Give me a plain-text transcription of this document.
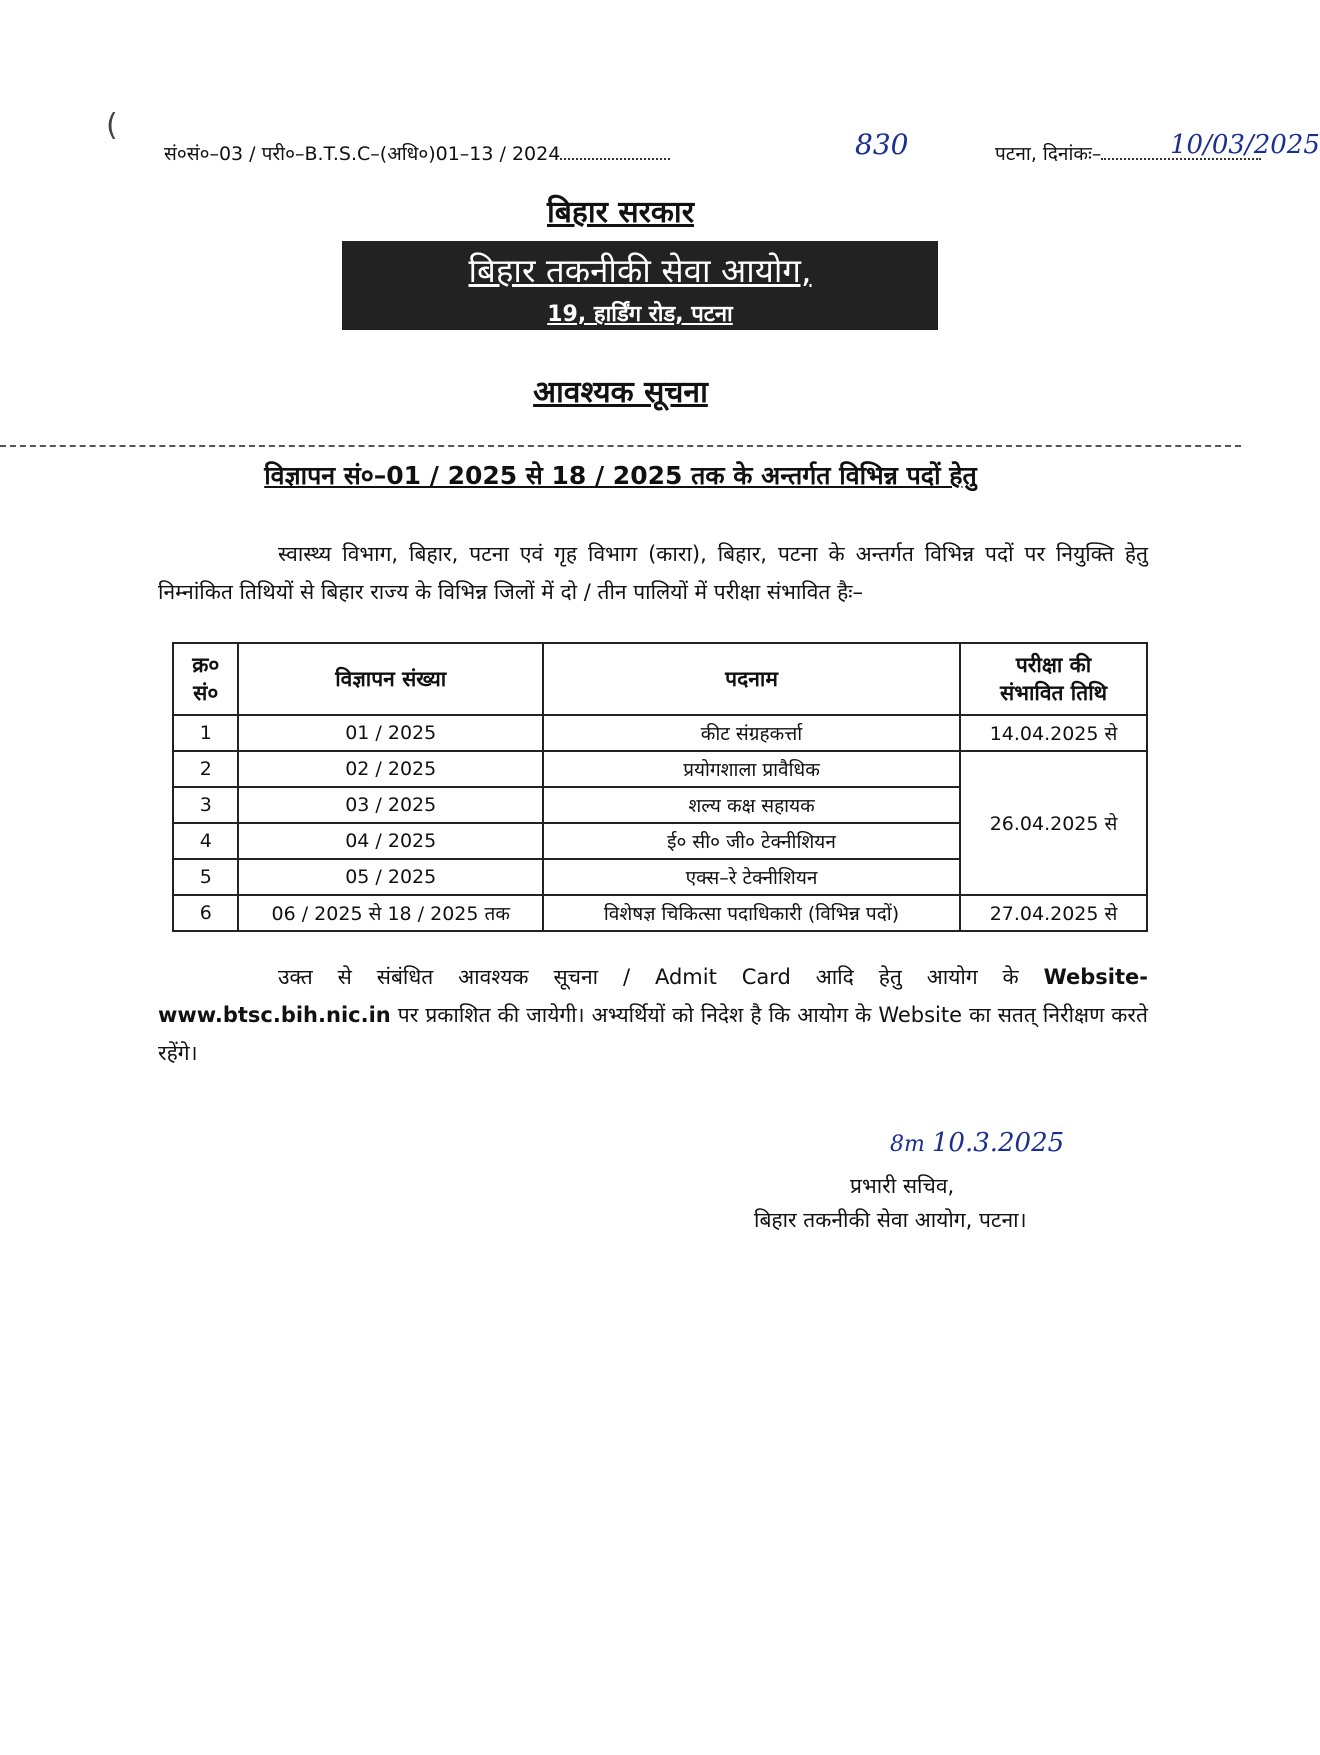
(
सं०सं०–03 / परी०–B.T.S.C–(अधि०)01–13 / 2024	830	पटना, दिनांकः–	10/03/2025
बिहार सरकार
बिहार तकनीकी सेवा आयोग,
19, हार्डिंग रोड, पटना
आवश्यक सूचना
विज्ञापन सं०–01 / 2025 से 18 / 2025 तक के अन्तर्गत विभिन्न पदों हेतु
स्वास्थ्य विभाग, बिहार, पटना एवं गृह विभाग (कारा), बिहार, पटना के अन्तर्गत विभिन्न पदों पर नियुक्ति हेतु निम्नांकित तिथियों से बिहार राज्य के विभिन्न जिलों में दो / तीन पालियों में परीक्षा संभावित हैः–
क्र०
सं०	विज्ञापन संख्या	पदनाम	परीक्षा की
संभावित तिथि
1	01 / 2025	कीट संग्रहकर्त्ता	14.04.2025 से
2	02 / 2025	प्रयोगशाला प्रावैधिक	26.04.2025 से
3	03 / 2025	शल्य कक्ष सहायक	
4	04 / 2025	ई० सी० जी० टेक्नीशियन	
5	05 / 2025	एक्स–रे टेक्नीशियन	
6	06 / 2025 से 18 / 2025 तक	विशेषज्ञ चिकित्सा पदाधिकारी (विभिन्न पदों)	27.04.2025 से
उक्त से संबंधित आवश्यक सूचना / Admit Card आदि हेतु आयोग के Website-www.btsc.bih.nic.in पर प्रकाशित की जायेगी। अभ्यर्थियों को निदेश है कि आयोग के Website का सतत् निरीक्षण करते रहेंगे।
8m 10.3.2025
प्रभारी सचिव,
बिहार तकनीकी सेवा आयोग, पटना।
